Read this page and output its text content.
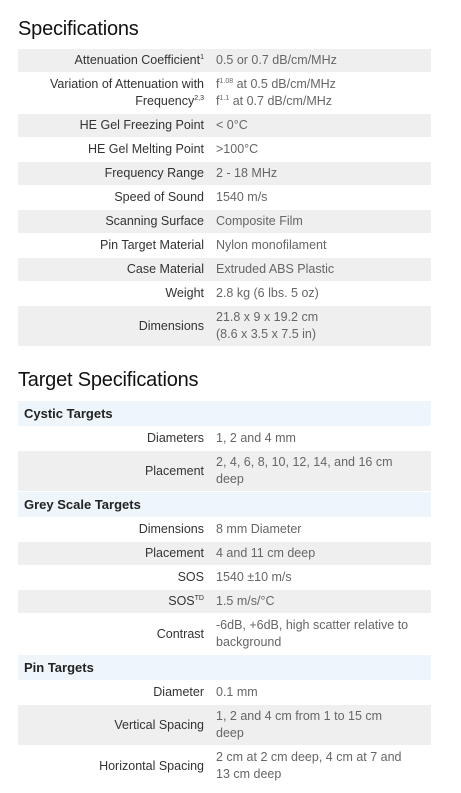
Specifications
Attenuation Coefficient$^1$	0.5 or 0.7 dB/cm/MHz
Variation of Attenuation with
Frequency$^{2,3}$	$f^{1.08}$ at 0.5 dB/cm/MHz
$f^{1.1}$ at 0.7 dB/cm/MHz
HE Gel Freezing Point	< 0°C
HE Gel Melting Point	>100°C
Frequency Range	2 - 18 MHz
Speed of Sound	1540 m/s
Scanning Surface	Composite Film
Pin Target Material	Nylon monofilament
Case Material	Extruded ABS Plastic
Weight	2.8 kg (6 lbs. 5 oz)
Dimensions	21.8 x 9 x 19.2 cm
(8.6 x 3.5 x 7.5 in)
Target Specifications
Cystic Targets	
Diameters	1, 2 and 4 mm
Placement	2, 4, 6, 8, 10, 12, 14, and 16 cm
deep
Grey Scale Targets	
Dimensions	8 mm Diameter
Placement	4 and 11 cm deep
SOS	1540 ±10 m/s
$SOS^{TD}$	1.5 m/s/°C
Contrast	-6dB, +6dB, high scatter relative to
background
Pin Targets	
Diameter	0.1 mm
Vertical Spacing	1, 2 and 4 cm from 1 to 15 cm
deep
Horizontal Spacing	2 cm at 2 cm deep, 4 cm at 7 and
13 cm deep
